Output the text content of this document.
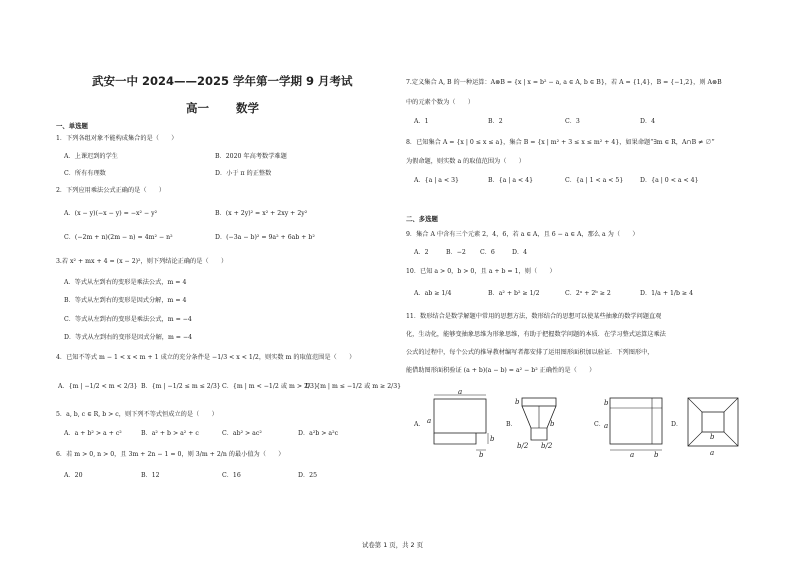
武安一中 2024——2025 学年第一学期 9 月考试
高一 数学
一、单选题
1．下列各组对象不能构成集合的是（　　）
A．上课迟到的学生	B．2020 年高考数学难题
C．所有有理数	D．小于 π 的正整数
2．下列应用乘法公式正确的是（　　）
A．(x − y)(−x − y) = −x² − y²	B．(x + 2y)² = x² + 2xy + 2y²
C．(−2m + n)(2m − n) = 4m² − n²	D．(−3a − b)² = 9a² + 6ab + b²
3.若 x² + mx + 4 = (x − 2)²，则下列结论正确的是（　　）
A．等式从左到右的变形是乘法公式，m = 4
B．等式从左到右的变形是因式分解，m = 4
C．等式从左到右的变形是乘法公式，m = −4
D．等式从左到右的变形是因式分解，m = −4
4．已知不等式 m − 1 < x < m + 1 成立的充分条件是 −1/3 < x < 1/2，则实数 m 的取值范围是（　　）
A．{m | −1/2 < m < 2/3} B．{m | −1/2 ≤ m ≤ 2/3} C．{m | m < −1/2 或 m > 2/3}
D．{m | m ≤ −1/2 或 m ≥ 2/3}
5．a, b, c ∈ R, b > c，则下列不等式恒成立的是（　　）
A．a + b² > a + c²	B．a² + b > a² + c	C．ab² > ac²	D．a²b > a²c
6．若 m > 0, n > 0，且 3m + 2n − 1 = 0，则 3/m + 2/n 的最小值为（　　）
A．20	B．12	C．16	D．25
7.定义集合 A, B 的一种运算：A⊗B = {x | x = b² − a, a ∈ A, b ∈ B}，若 A = {1,4}，B = {−1,2}，则 A⊗B
中的元素个数为（　　）
A．1	B．2	C．3	D．4
8．已知集合 A = {x | 0 ≤ x ≤ a}，集合 B = {x | m² + 3 ≤ x ≤ m² + 4}，如果命题“∃m ∈ R，A∩B ≠ ∅”
为假命题，则实数 a 的取值范围为（　　）
A．{a | a < 3}	B．{a | a < 4}	C．{a | 1 < a < 5}	D．{a | 0 < a < 4}
二、多选题
9．集合 A 中含有三个元素 2，4，6，若 a ∈ A，且 6 − a ∈ A，那么 a 为（　　）
A．2	B．−2 C．6	D．4
10．已知 a > 0，b > 0，且 a + b = 1，则（　　）
A．ab ≥ 1/4	B．a² + b² ≥ 1/2	C．2ᵃ + 2ᵇ ≥ 2	D．1/a + 1/b ≥ 4
11．数形结合是数学解题中常用的思想方法，数形结合的思想可以使某些抽象的数学问题直观
化，生动化，能够变抽象思维为形象思维，有助于把握数学问题的本质．在学习整式运算这乘法
公式的过程中，每个公式的推导教材编写者都安排了运用图形面积加以验证．下列图形中，
能借助图形面积验证 (a + b)(a − b) = a² − b² 正确性的是（　　）
A．	B．	C．	D．
a
a
b
b
b
b
b/2 b/2
a	b
b
a
b
a
试卷第 1 页，共 2 页
